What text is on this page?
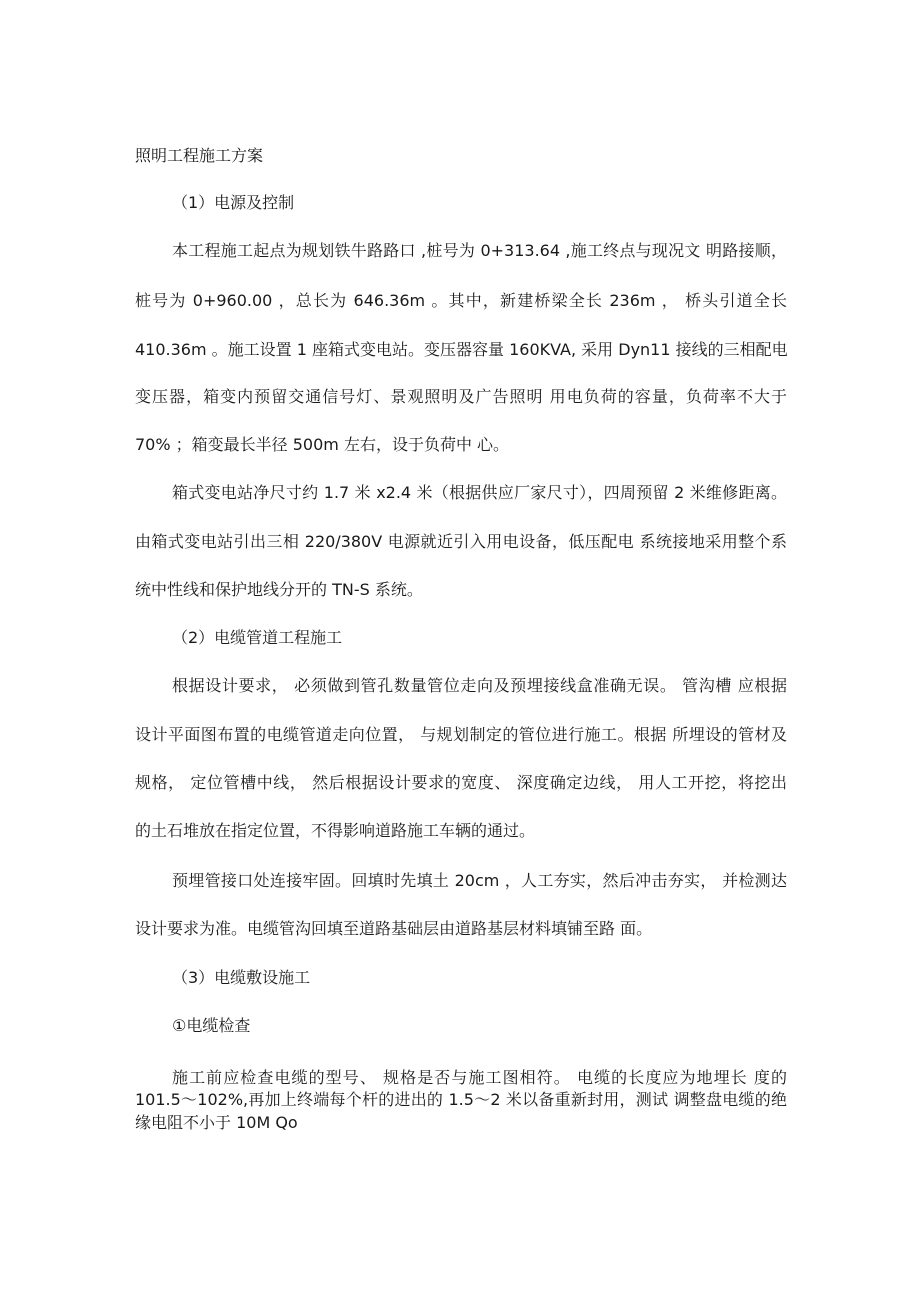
照明工程施工方案
（1）电源及控制
本工程施工起点为规划铁牛路路口 ,桩号为 0+313.64 ,施工终点与现况文 明路接顺，
桩号为 0+960.00 ，总长为 646.36m 。其中，新建桥梁全长 236m ， 桥头引道全长
410.36m 。施工设置 1 座箱式变电站。变压器容量 160KVA, 采用 Dyn11 接线的三相配电
变压器，箱变内预留交通信号灯、景观照明及广告照明 用电负荷的容量，负荷率不大于
70% ；箱变最长半径 500m 左右，设于负荷中 心。
箱式变电站净尺寸约 1.7 米 x2.4 米（根据供应厂家尺寸），四周预留 2 米维修距离。
由箱式变电站引出三相 220/380V 电源就近引入用电设备，低压配电 系统接地采用整个系
统中性线和保护地线分开的 TN-S 系统。
（2）电缆管道工程施工
根据设计要求， 必须做到管孔数量管位走向及预埋接线盒准确无误。 管沟槽 应根据
设计平面图布置的电缆管道走向位置， 与规划制定的管位进行施工。根据 所埋设的管材及
规格， 定位管槽中线， 然后根据设计要求的宽度、 深度确定边线， 用人工开挖，将挖出
的土石堆放在指定位置，不得影响道路施工车辆的通过。
预埋管接口处连接牢固。回填时先填土 20cm ，人工夯实，然后冲击夯实， 并检测达
设计要求为准。电缆管沟回填至道路基础层由道路基层材料填铺至路 面。
（3）电缆敷设施工
①电缆检查
施工前应检查电缆的型号、 规格是否与施工图相符。 电缆的长度应为地埋长 度的
101.5～102%,再加上终端每个杆的进出的 1.5～2 米以备重新封用，测试 调整盘电缆的绝
缘电阻不小于 10M Qo
